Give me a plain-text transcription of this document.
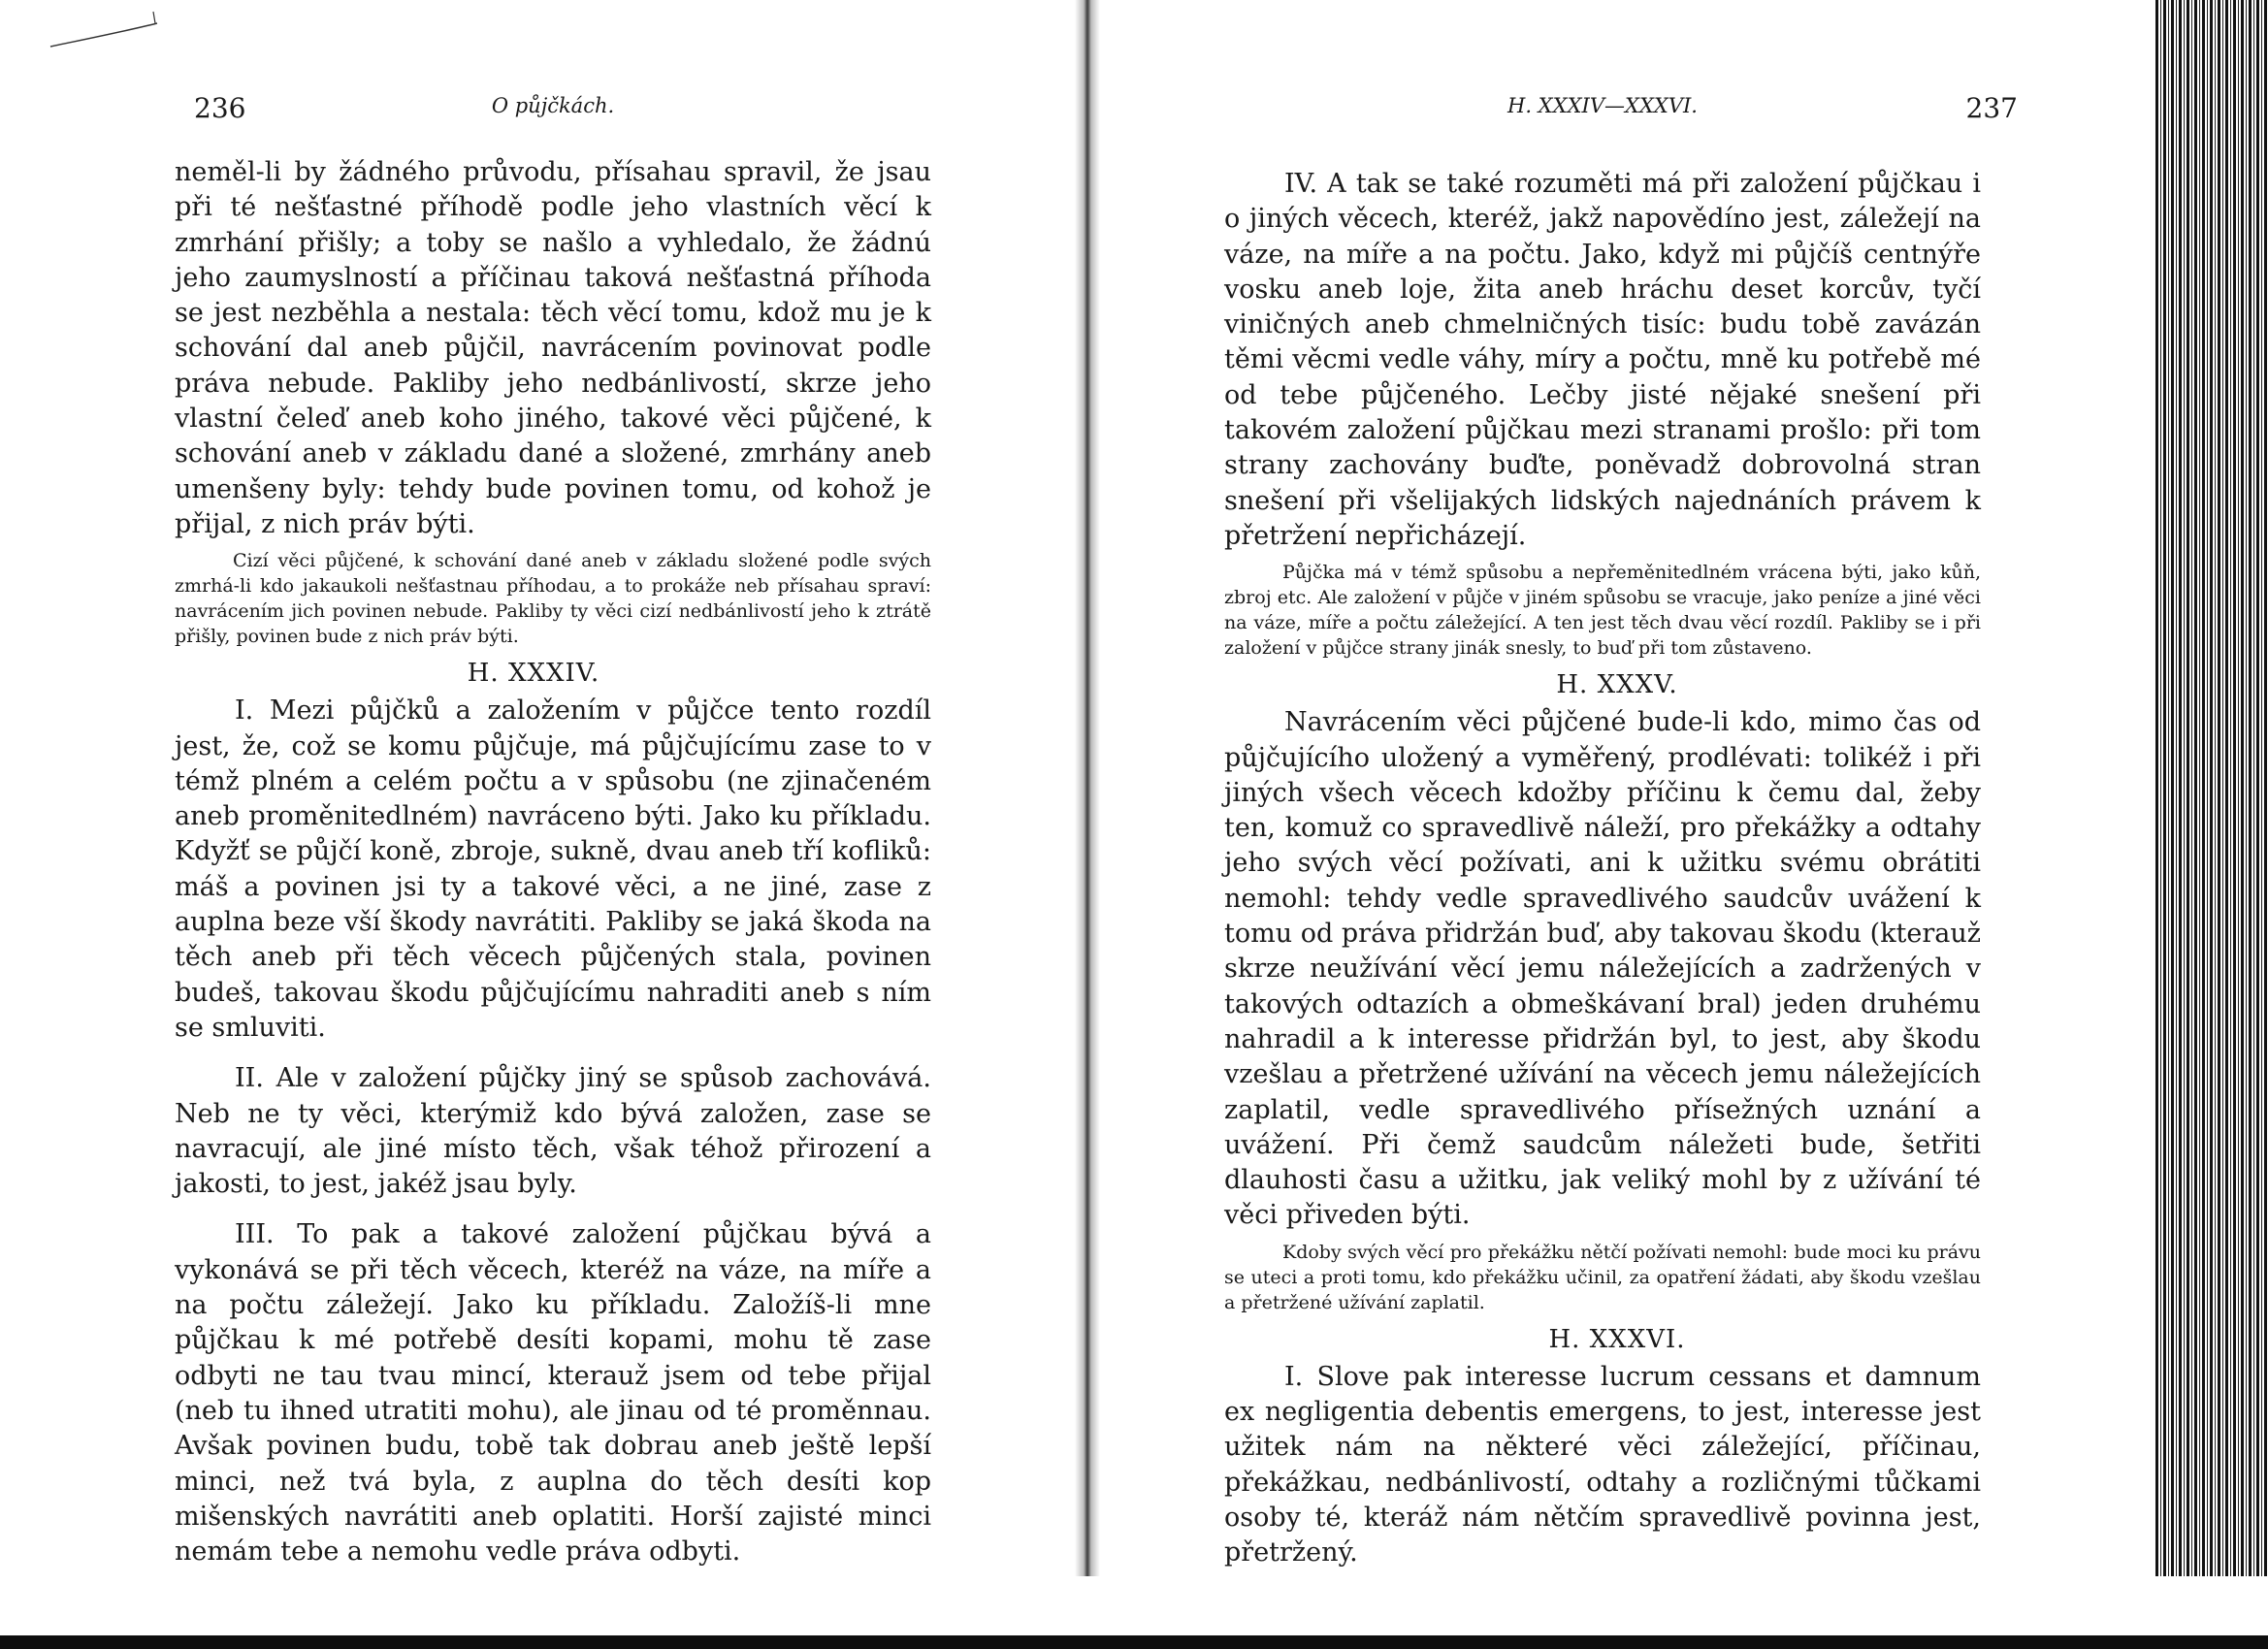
236	O půjčkách.

neměl-li by žádného průvodu, přísahau spravil, že jsau při té nešťastné příhodě podle jeho vlastních věcí k zmrhání přišly; a toby se našlo a vyhledalo, že žádnú jeho zaumyslností a příčinau taková nešťastná příhoda se jest nezběhla a nestala: těch věcí tomu, kdož mu je k schování dal aneb půjčil, navrácením povinovat podle práva nebude. Pakliby jeho nedbánlivostí, skrze jeho vlastní čeleď aneb koho jiného, takové věci půjčené, k schování aneb v základu dané a složené, zmrhány aneb umenšeny byly: tehdy bude povinen tomu, od kohož je přijal, z nich práv býti.

Cizí věci půjčené, k schování dané aneb v základu složené podle svých zmrhá-li kdo jakaukoli nešťastnau příhodau, a to prokáže neb přísahau spraví: navrácením jich povinen nebude. Pakliby ty věci cizí nedbánlivostí jeho k ztrátě přišly, povinen bude z nich práv býti.

H. XXXIV.

I. Mezi půjčků a založením v půjčce tento rozdíl jest, že, což se komu půjčuje, má půjčujícímu zase to v témž plném a celém počtu a v spůsobu (ne zjinačeném aneb proměnitedlném) navráceno býti. Jako ku příkladu. Kdyžť se půjčí koně, zbroje, sukně, dvau aneb tří kofliků: máš a povinen jsi ty a takové věci, a ne jiné, zase z auplna beze vší škody navrátiti. Pakliby se jaká škoda na těch aneb při těch věcech půjčených stala, povinen budeš, takovau škodu půjčujícímu nahraditi aneb s ním se smluviti.

II. Ale v založení půjčky jiný se spůsob zachovává. Neb ne ty věci, kterýmiž kdo bývá založen, zase se navracují, ale jiné místo těch, však téhož přirození a jakosti, to jest, jakéž jsau byly.

III. To pak a takové založení půjčkau bývá a vykonává se při těch věcech, kteréž na váze, na míře a na počtu záležejí. Jako ku příkladu. Založíš-li mne půjčkau k mé potřebě desíti kopami, mohu tě zase odbyti ne tau tvau mincí, kterauž jsem od tebe přijal (neb tu ihned utratiti mohu), ale jinau od té proměnnau. Avšak povinen budu, tobě tak dobrau aneb ještě lepší minci, než tvá byla, z auplna do těch desíti kop mišenských navrátiti aneb oplatiti. Horší zajisté minci nemám tebe a nemohu vedle práva odbyti.

H. XXXIV—XXXVI.	237

IV. A tak se také rozuměti má při založení půjčkau i o jiných věcech, kteréž, jakž napovědíno jest, záležejí na váze, na míře a na počtu. Jako, když mi půjčíš centnýře vosku aneb loje, žita aneb hráchu deset korcův, tyčí viničných aneb chmelničných tisíc: budu tobě zavázán těmi věcmi vedle váhy, míry a počtu, mně ku potřebě mé od tebe půjčeného. Lečby jisté nějaké snešení při takovém založení půjčkau mezi stranami prošlo: při tom strany zachovány buďte, poněvadž dobrovolná stran snešení při všelijakých lidských najednáních právem k přetržení nepřicházejí.

Půjčka má v témž spůsobu a nepřeměnitedlném vrácena býti, jako kůň, zbroj etc. Ale založení v půjče v jiném spůsobu se vracuje, jako peníze a jiné věci na váze, míře a počtu záležející. A ten jest těch dvau věcí rozdíl. Pakliby se i při založení v půjčce strany jinák snesly, to buď při tom zůstaveno.

H. XXXV.

Navrácením věci půjčené bude-li kdo, mimo čas od půjčujícího uložený a vyměřený, prodlévati: tolikéž i při jiných všech věcech kdožby příčinu k čemu dal, žeby ten, komuž co spravedlivě náleží, pro překážky a odtahy jeho svých věcí požívati, ani k užitku svému obrátiti nemohl: tehdy vedle spravedlivého saudcův uvážení k tomu od práva přidržán buď, aby takovau škodu (kterauž skrze neužívání věcí jemu náležejících a zadržených v takových odtazích a obmeškávaní bral) jeden druhému nahradil a k interesse přidržán byl, to jest, aby škodu vzešlau a přetržené užívání na věcech jemu náležejících zaplatil, vedle spravedlivého přísežných uznání a uvážení. Při čemž saudcům náležeti bude, šetřiti dlauhosti času a užitku, jak veliký mohl by z užívání té věci přiveden býti.

Kdoby svých věcí pro překážku nětčí požívati nemohl: bude moci ku právu se uteci a proti tomu, kdo překážku učinil, za opatření žádati, aby škodu vzešlau a přetržené užívání zaplatil.

H. XXXVI.

I. Slove pak interesse lucrum cessans et damnum ex negligentia debentis emergens, to jest, interesse jest užitek nám na některé věci záležející, příčinau, překážkau, nedbánlivostí, odtahy a rozličnými tůčkami osoby té, kteráž nám nětčím spravedlivě povinna jest, přetržený.
